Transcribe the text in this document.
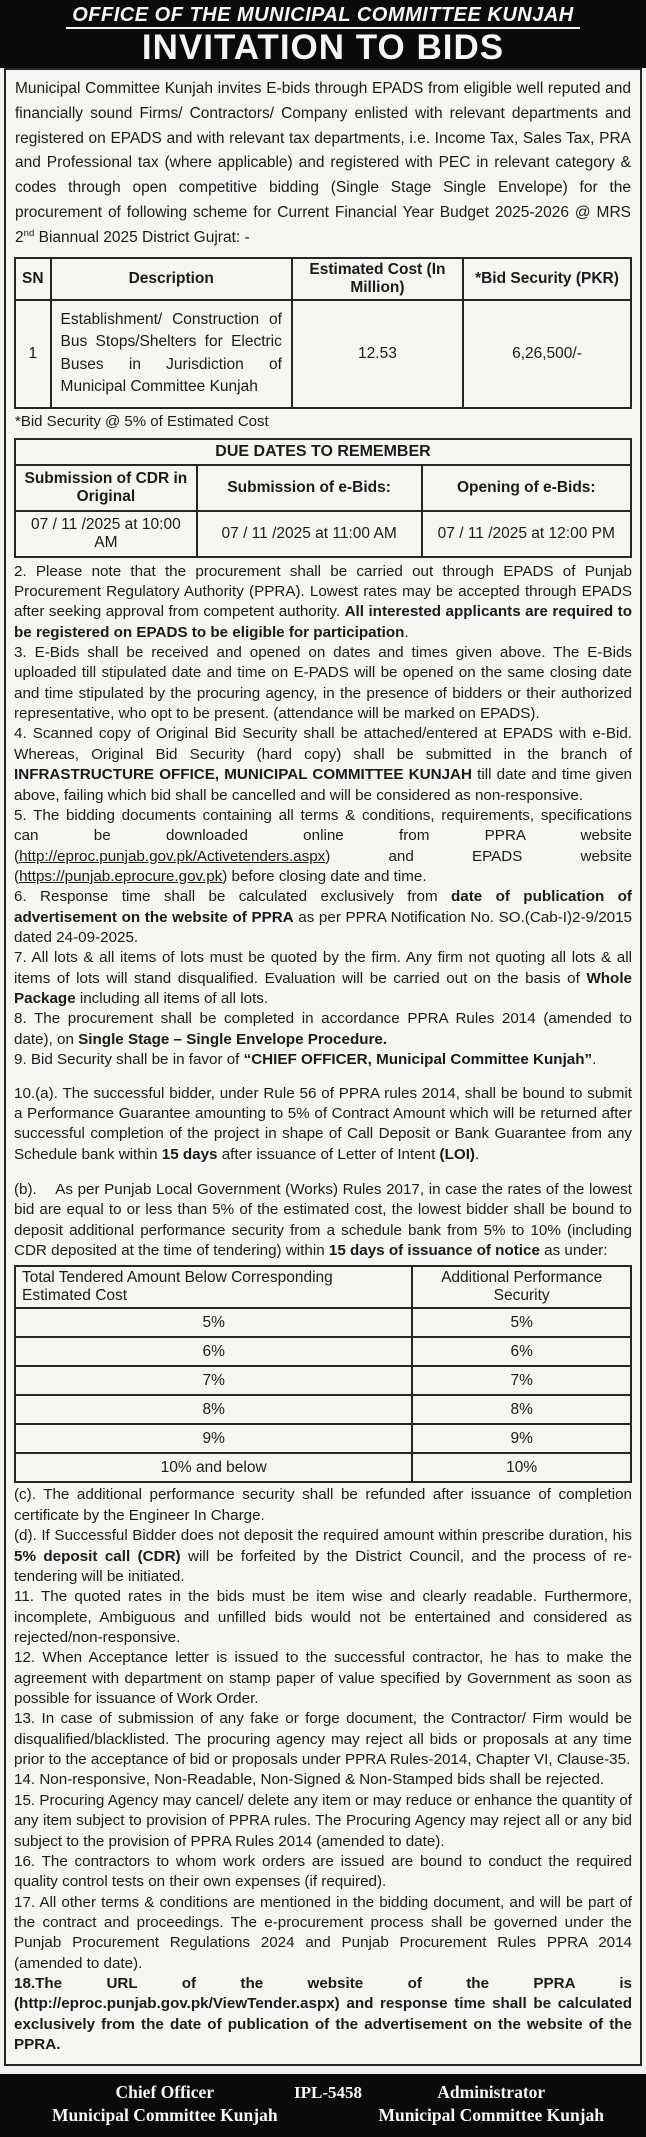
OFFICE OF THE MUNICIPAL COMMITTEE KUNJAH
INVITATION TO BIDS

Municipal Committee Kunjah invites E-bids through EPADS from eligible well reputed and financially sound Firms/ Contractors/ Company enlisted with relevant departments and registered on EPADS and with relevant tax departments, i.e. Income Tax, Sales Tax, PRA and Professional tax (where applicable) and registered with PEC in relevant category & codes through open competitive bidding (Single Stage Single Envelope) for the procurement of following scheme for Current Financial Year Budget 2025-2026 @ MRS 2nd Biannual 2025 District Gujrat: -

SN	Description	Estimated Cost (In Million)	*Bid Security (PKR)
1	Establishment/ Construction of Bus Stops/Shelters for Electric Buses in Jurisdiction of Municipal Committee Kunjah	12.53	6,26,500/-

*Bid Security @ 5% of Estimated Cost

DUE DATES TO REMEMBER		
Submission of CDR in Original	Submission of e-Bids:	Opening of e-Bids:
07 / 11 /2025 at 10:00 AM	07 / 11 /2025 at 11:00 AM	07 / 11 /2025 at 12:00 PM

2. Please note that the procurement shall be carried out through EPADS of Punjab Procurement Regulatory Authority (PPRA). Lowest rates may be accepted through EPADS after seeking approval from competent authority. All interested applicants are required to be registered on EPADS to be eligible for participation.

3. E-Bids shall be received and opened on dates and times given above. The E-Bids uploaded till stipulated date and time on E-PADS will be opened on the same closing date and time stipulated by the procuring agency, in the presence of bidders or their authorized representative, who opt to be present. (attendance will be marked on EPADS).

4. Scanned copy of Original Bid Security shall be attached/entered at EPADS with e-Bid. Whereas, Original Bid Security (hard copy) shall be submitted in the branch of INFRASTRUCTURE OFFICE, MUNICIPAL COMMITTEE KUNJAH till date and time given above, failing which bid shall be cancelled and will be considered as non-responsive.

5. The bidding documents containing all terms & conditions, requirements, specifications can be downloaded online from PPRA website (http://eproc.punjab.gov.pk/Activetenders.aspx) and EPADS website (https://punjab.eprocure.gov.pk) before closing date and time.

6. Response time shall be calculated exclusively from date of publication of advertisement on the website of PPRA as per PPRA Notification No. SO.(Cab-I)2-9/2015 dated 24-09-2025.

7. All lots & all items of lots must be quoted by the firm. Any firm not quoting all lots & all items of lots will stand disqualified. Evaluation will be carried out on the basis of Whole Package including all items of all lots.

8. The procurement shall be completed in accordance PPRA Rules 2014 (amended to date), on Single Stage – Single Envelope Procedure.

9. Bid Security shall be in favor of “CHIEF OFFICER, Municipal Committee Kunjah”.

10.(a). The successful bidder, under Rule 56 of PPRA rules 2014, shall be bound to submit a Performance Guarantee amounting to 5% of Contract Amount which will be returned after successful completion of the project in shape of Call Deposit or Bank Guarantee from any Schedule bank within 15 days after issuance of Letter of Intent (LOI).

(b).    As per Punjab Local Government (Works) Rules 2017, in case the rates of the lowest bid are equal to or less than 5% of the estimated cost, the lowest bidder shall be bound to deposit additional performance security from a schedule bank from 5% to 10% (including CDR deposited at the time of tendering) within 15 days of issuance of notice as under:

Total Tendered Amount Below Corresponding Estimated Cost	Additional Performance Security
5%	5%
6%	6%
7%	7%
8%	8%
9%	9%
10% and below	10%

(c). The additional performance security shall be refunded after issuance of completion certificate by the Engineer In Charge.

(d). If Successful Bidder does not deposit the required amount within prescribe duration, his 5% deposit call (CDR) will be forfeited by the District Council, and the process of re-tendering will be initiated.

11. The quoted rates in the bids must be item wise and clearly readable. Furthermore, incomplete, Ambiguous and unfilled bids would not be entertained and considered as rejected/non-responsive.

12. When Acceptance letter is issued to the successful contractor, he has to make the agreement with department on stamp paper of value specified by Government as soon as possible for issuance of Work Order.

13. In case of submission of any fake or forge document, the Contractor/ Firm would be disqualified/blacklisted. The procuring agency may reject all bids or proposals at any time prior to the acceptance of bid or proposals under PPRA Rules-2014, Chapter VI, Clause-35.

14. Non-responsive, Non-Readable, Non-Signed & Non-Stamped bids shall be rejected.

15. Procuring Agency may cancel/ delete any item or may reduce or enhance the quantity of any item subject to provision of PPRA rules. The Procuring Agency may reject all or any bid subject to the provision of PPRA Rules 2014 (amended to date).

16. The contractors to whom work orders are issued are bound to conduct the required quality control tests on their own expenses (if required).

17. All other terms & conditions are mentioned in the bidding document, and will be part of the contract and proceedings. The e-procurement process shall be governed under the Punjab Procurement Regulations 2024 and Punjab Procurement Rules PPRA 2014 (amended to date).

18.The URL of the website of the PPRA is (http://eproc.punjab.gov.pk/ViewTender.aspx) and response time shall be calculated exclusively from the date of publication of the advertisement on the website of the PPRA.

Chief Officer
Municipal Committee Kunjah
IPL-5458	Administrator
Municipal Committee Kunjah
